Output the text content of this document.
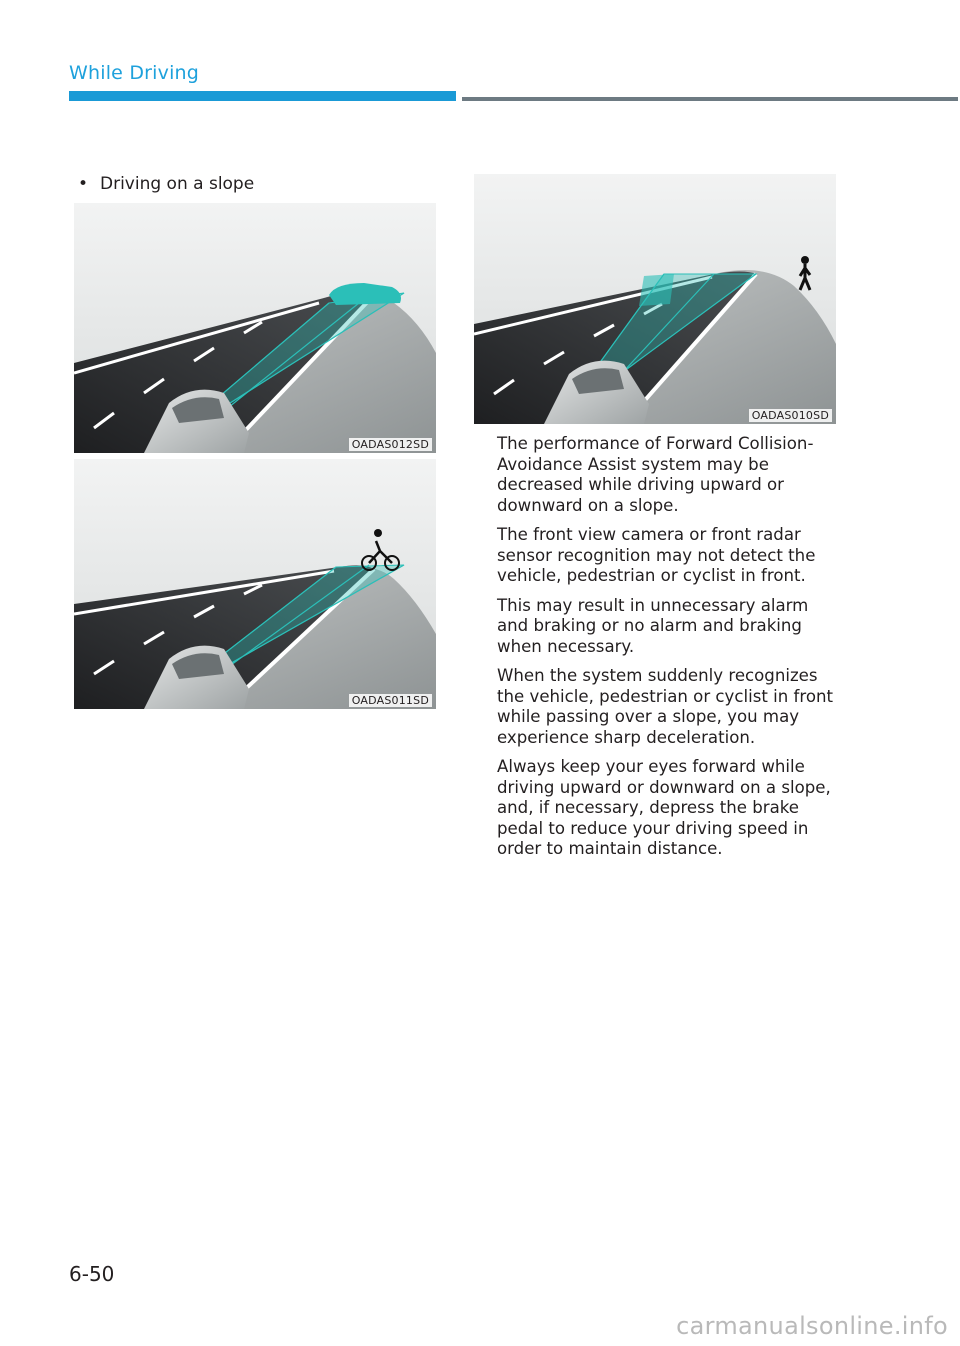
While Driving
• Driving on a slope
OADAS012SD
OADAS011SD
OADAS010SD

The performance of Forward Collision-Avoidance Assist system may be decreased while driving upward or downward on a slope.

The front view camera or front radar sensor recognition may not detect the vehicle, pedestrian or cyclist in front.

This may result in unnecessary alarm and braking or no alarm and braking when necessary.

When the system suddenly recognizes the vehicle, pedestrian or cyclist in front while passing over a slope, you may experience sharp deceleration.

Always keep your eyes forward while driving upward or downward on a slope, and, if necessary, depress the brake pedal to reduce your driving speed in order to maintain distance.

6-50
carmanualsonline.info
